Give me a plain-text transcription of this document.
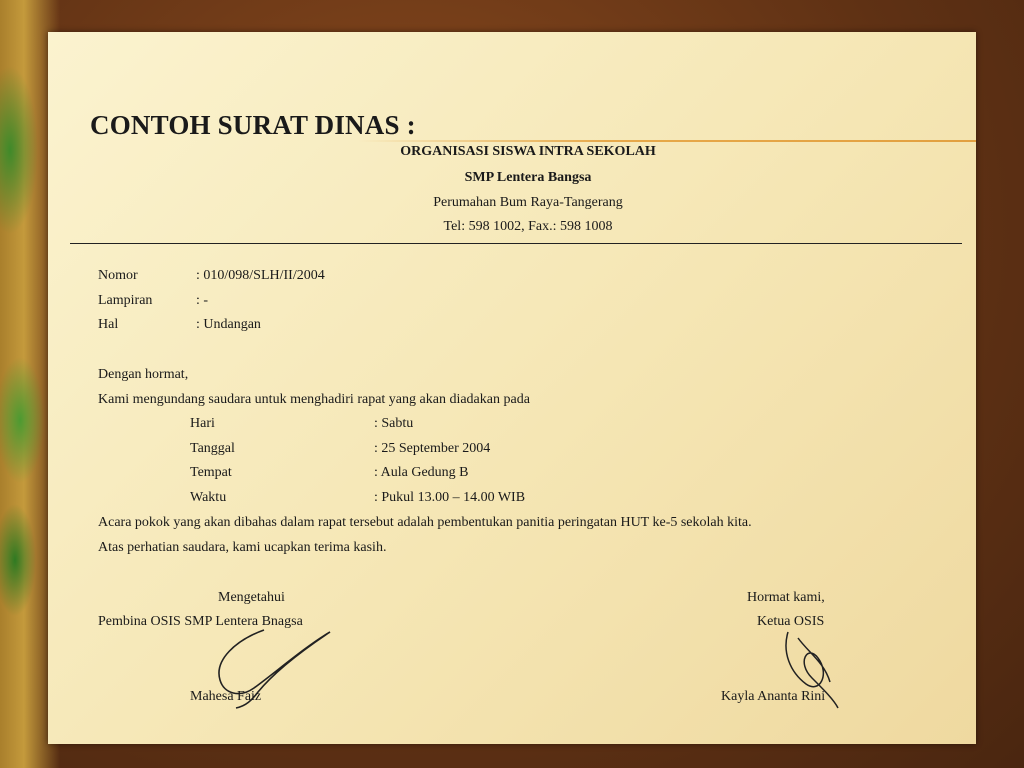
CONTOH SURAT DINAS :
ORGANISASI SISWA INTRA SEKOLAH
SMP Lentera Bangsa
Perumahan Bum Raya-Tangerang
Tel: 598 1002, Fax.: 598 1008
Nomor	: 010/098/SLH/II/2004
Lampiran	: -
Hal	: Undangan
Dengan hormat,
Kami mengundang saudara untuk menghadiri rapat yang akan diadakan pada
Hari	: Sabtu
Tanggal	: 25 September 2004
Tempat	: Aula Gedung B
Waktu	: Pukul 13.00 – 14.00 WIB
Acara pokok yang akan dibahas dalam rapat tersebut adalah pembentukan panitia peringatan HUT ke-5 sekolah kita.
Atas perhatian saudara, kami ucapkan terima kasih.
Mengetahui
Pembina OSIS SMP Lentera Bnagsa
Hormat kami,
Ketua OSIS
Mahesa Faiz	Kayla Ananta Rini
